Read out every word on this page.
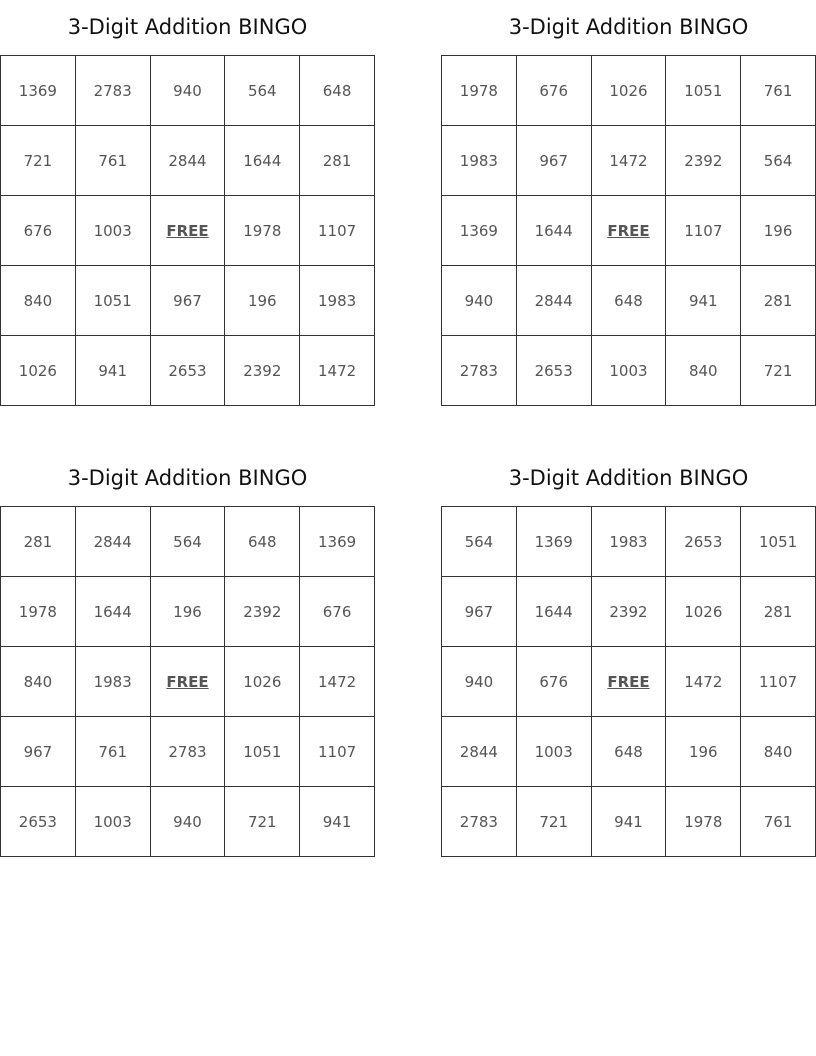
3-Digit Addition BINGO
1369	2783	940	564	648
721	761	2844	1644	281
676	1003	FREE	1978	1107
840	1051	967	196	1983
1026	941	2653	2392	1472
3-Digit Addition BINGO
1978	676	1026	1051	761
1983	967	1472	2392	564
1369	1644	FREE	1107	196
940	2844	648	941	281
2783	2653	1003	840	721
3-Digit Addition BINGO
281	2844	564	648	1369
1978	1644	196	2392	676
840	1983	FREE	1026	1472
967	761	2783	1051	1107
2653	1003	940	721	941
3-Digit Addition BINGO
564	1369	1983	2653	1051
967	1644	2392	1026	281
940	676	FREE	1472	1107
2844	1003	648	196	840
2783	721	941	1978	761
